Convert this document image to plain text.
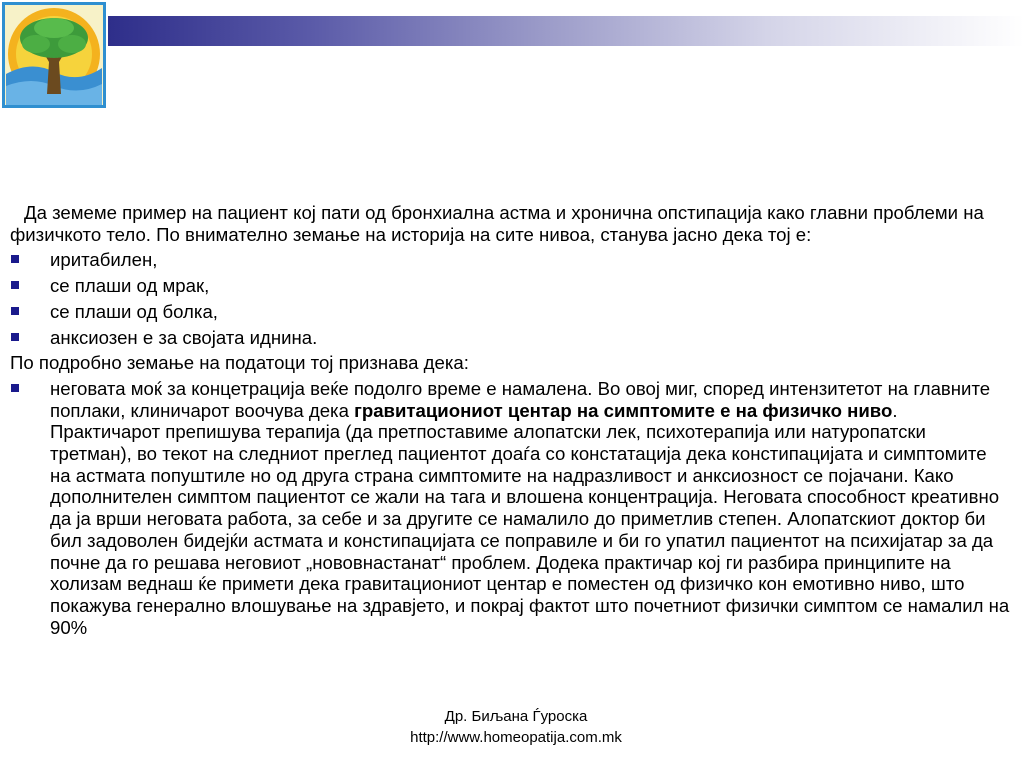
Да земеме пример на пациент кој пати од бронхиална астма и хронична опстипација како главни проблеми на физичкото тело. По внимателно земање на историја на сите нивоа, станува јасно дека тој е:

иритабилен,
се плаши од мрак,
се плаши од болка,
анксиозен е за својата иднина.
По подробно земање на податоци тој признава дека:
неговата моќ за концетрација веќе подолго време е намалена. Во овој миг, според интензитетот на главните поплаки, клиничарот воочува дека гравитациониот центар на симптомите е на физичко ниво. Практичарот препишува терапија (да претпоставиме алопатски лек, психотерапија или натуропатски третман), во текот на следниот преглед пациентот доаѓа со констатација дека констипацијата и симптомите на астмата попуштиле но од друга страна симптомите на надразливост и анксиозност се појачани. Како дополнителен симптом пациентот се жали на тага и влошена концентрација. Неговата способност креативно да ја врши неговата работа, за себе и за другите се намалило до приметлив степен. Алопатскиот доктор би бил задоволен бидејќи астмата и констипацијата се поправиле и би го упатил пациентот на психијатар за да почне да го решава неговиот „нововнастанат“ проблем. Додека практичар кој ги разбира принципите на холизам веднаш ќе примети дека гравитациониот центар е поместен од физичко кон емотивно ниво, што покажува генерално влошување на здравјето, и покрај фактот што почетниот физички симптом се намалил на 90%
Др. Биљана Ѓуроска
http://www.homeopatija.com.mk
